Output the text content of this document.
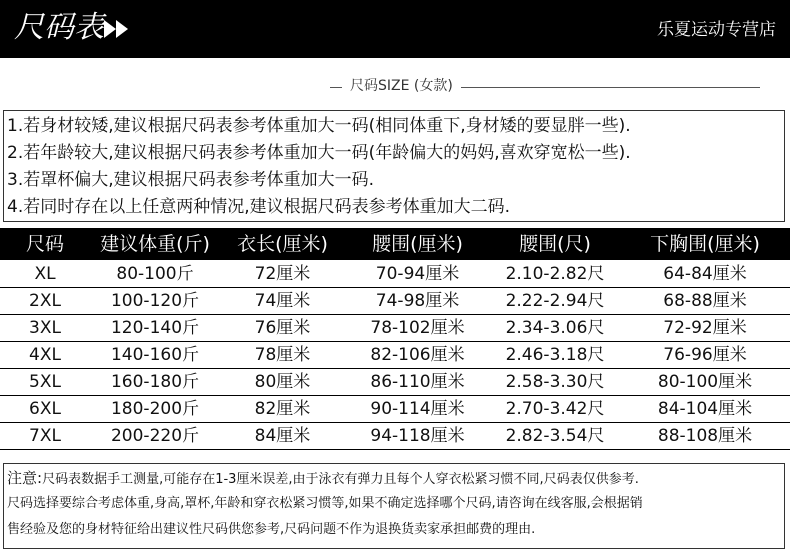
尺码表	乐夏运动专营店
尺码SIZE (女款)
1.若身材较矮,建议根据尺码表参考体重加大一码(相同体重下,身材矮的要显胖一些).
2.若年龄较大,建议根据尺码表参考体重加大一码(年龄偏大的妈妈,喜欢穿宽松一些).
3.若罩杯偏大,建议根据尺码表参考体重加大一码.
4.若同时存在以上任意两种情况,建议根据尺码表参考体重加大二码.
尺码	建议体重(斤)	衣长(厘米)	腰围(厘米)	腰围(尺)	下胸围(厘米)
XL	80-100斤	72厘米	70-94厘米	2.10-2.82尺	64-84厘米
2XL	100-120斤	74厘米	74-98厘米	2.22-2.94尺	68-88厘米
3XL	120-140斤	76厘米	78-102厘米	2.34-3.06尺	72-92厘米
4XL	140-160斤	78厘米	82-106厘米	2.46-3.18尺	76-96厘米
5XL	160-180斤	80厘米	86-110厘米	2.58-3.30尺	80-100厘米
6XL	180-200斤	82厘米	90-114厘米	2.70-3.42尺	84-104厘米
7XL	200-220斤	84厘米	94-118厘米	2.82-3.54尺	88-108厘米
注意:尺码表数据手工测量,可能存在1-3厘米误差,由于泳衣有弹力且每个人穿衣松紧习惯不同,尺码表仅供参考.
尺码选择要综合考虑体重,身高,罩杯,年龄和穿衣松紧习惯等,如果不确定选择哪个尺码,请咨询在线客服,会根据销
售经验及您的身材特征给出建议性尺码供您参考,尺码问题不作为退换货卖家承担邮费的理由.
